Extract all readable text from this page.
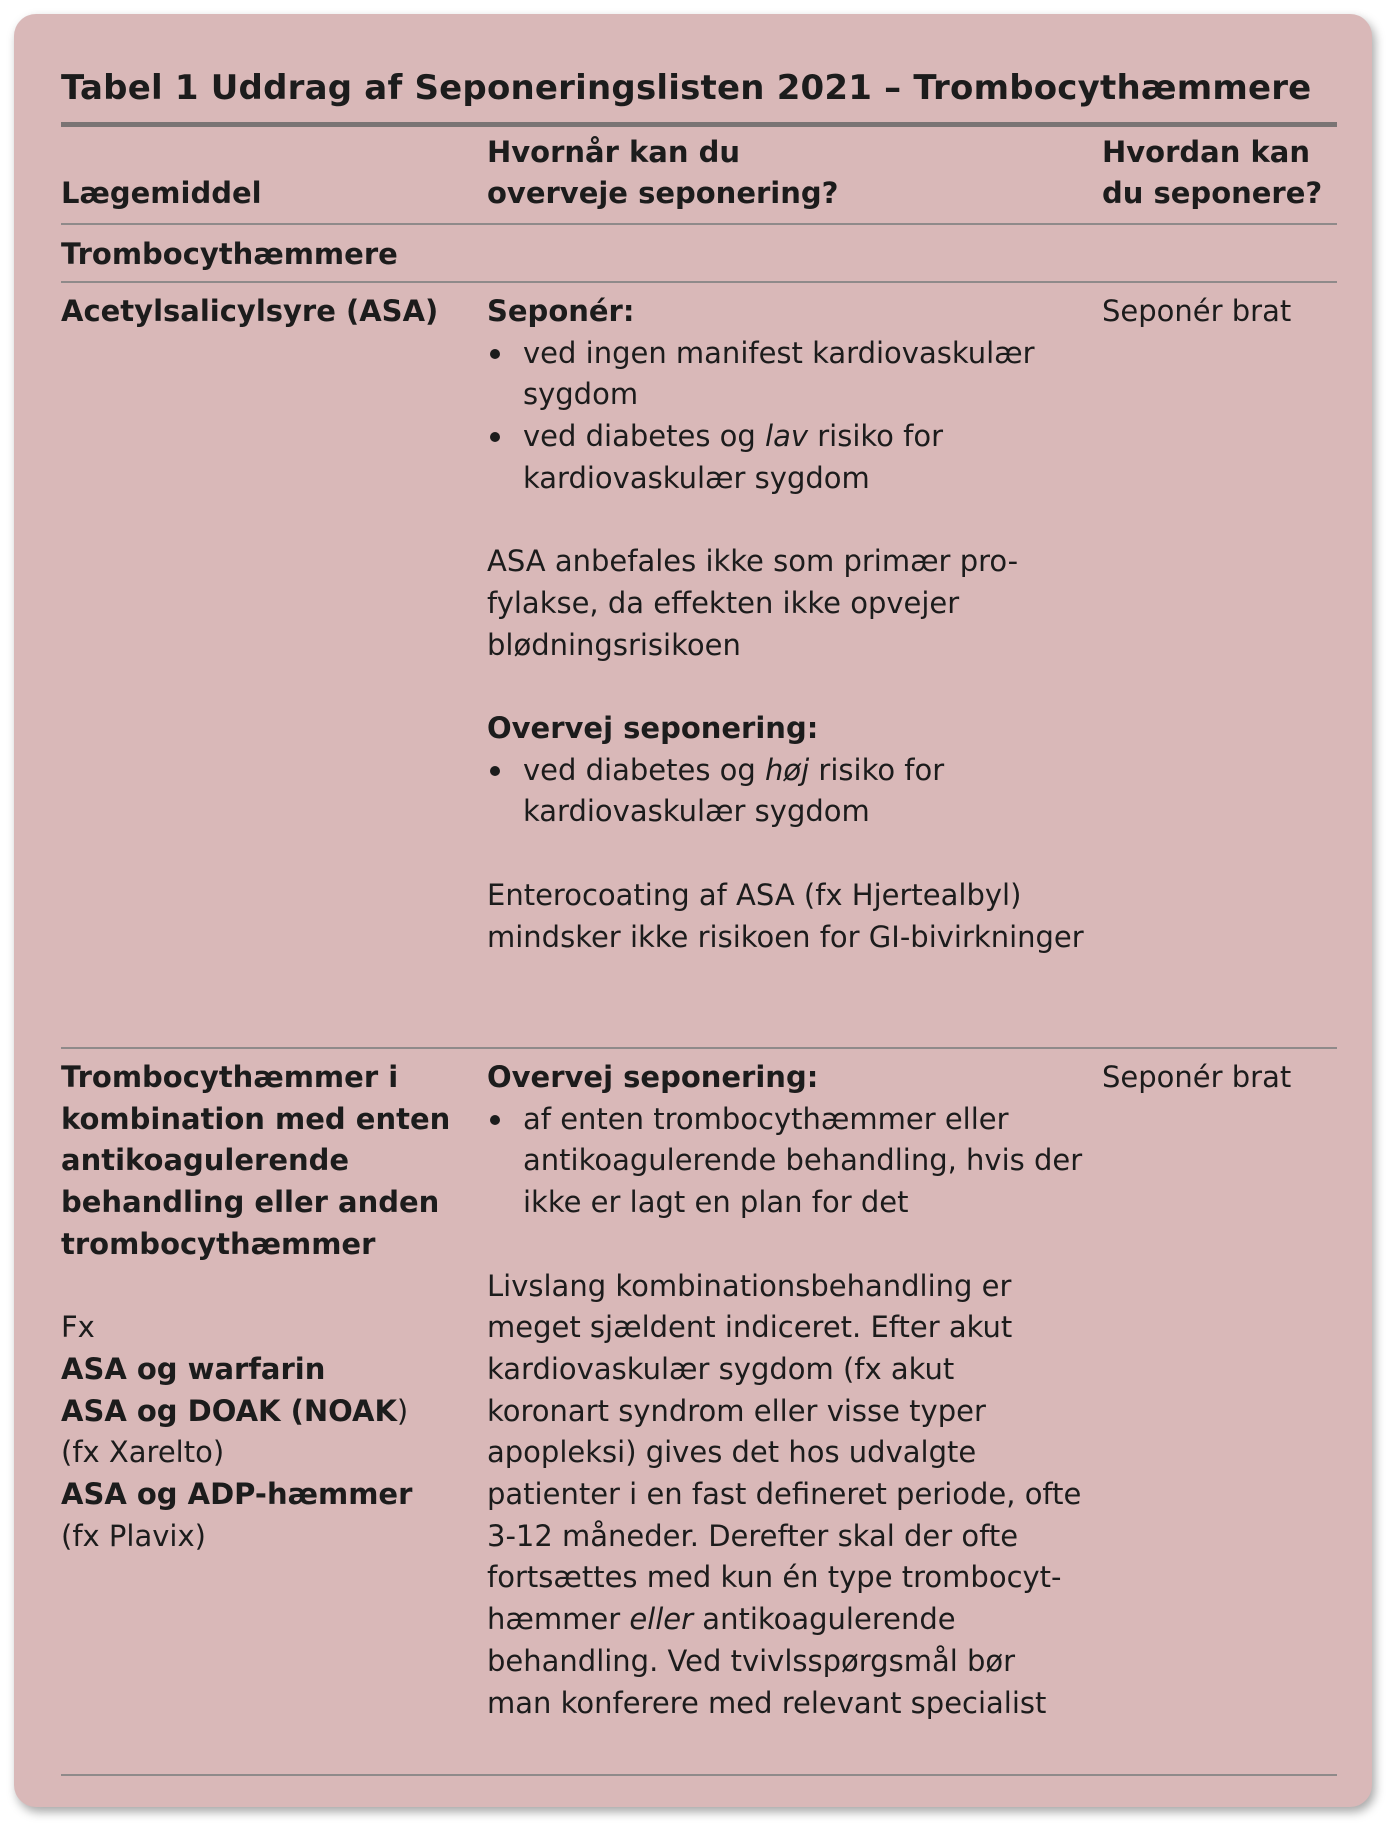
Tabel 1 Uddrag af Seponeringslisten 2021 – Trombocythæmmere
Lægemiddel
Hvornår kan du
overveje seponering?
Hvordan kan
du seponere?
Trombocythæmmere
Acetylsalicylsyre (ASA)	Seponér:
ved ingen manifest kardiovaskulær sygdom
ved diabetes og lav risiko for kardiovaskulær sygdom
ASA anbefales ikke som primær pro-
fylakse, da effekten ikke opvejer
blødningsrisikoen
Overvej seponering:
ved diabetes og høj risiko for kardiovaskulær sygdom
Enterocoating af ASA (fx Hjertealbyl)
mindsker ikke risikoen for GI-bivirkninger
Seponér brat
Trombocythæmmer i
kombination med enten
antikoagulerende
behandling eller anden
trombocythæmmer
Fx
ASA og warfarin
ASA og DOAK (NOAK)
(fx Xarelto)
ASA og ADP-hæmmer
(fx Plavix)
Overvej seponering:
af enten trombocythæmmer eller antikoagulerende behandling, hvis der ikke er lagt en plan for det
Livslang kombinationsbehandling er
meget sjældent indiceret. Efter akut
kardiovaskulær sygdom (fx akut
koronart syndrom eller visse typer
apopleksi) gives det hos udvalgte
patienter i en fast defineret periode, ofte
3-12 måneder. Derefter skal der ofte
fortsættes med kun én type trombocyt-
hæmmer eller antikoagulerende
behandling. Ved tvivlsspørgsmål bør
man konferere med relevant specialist
Seponér brat
